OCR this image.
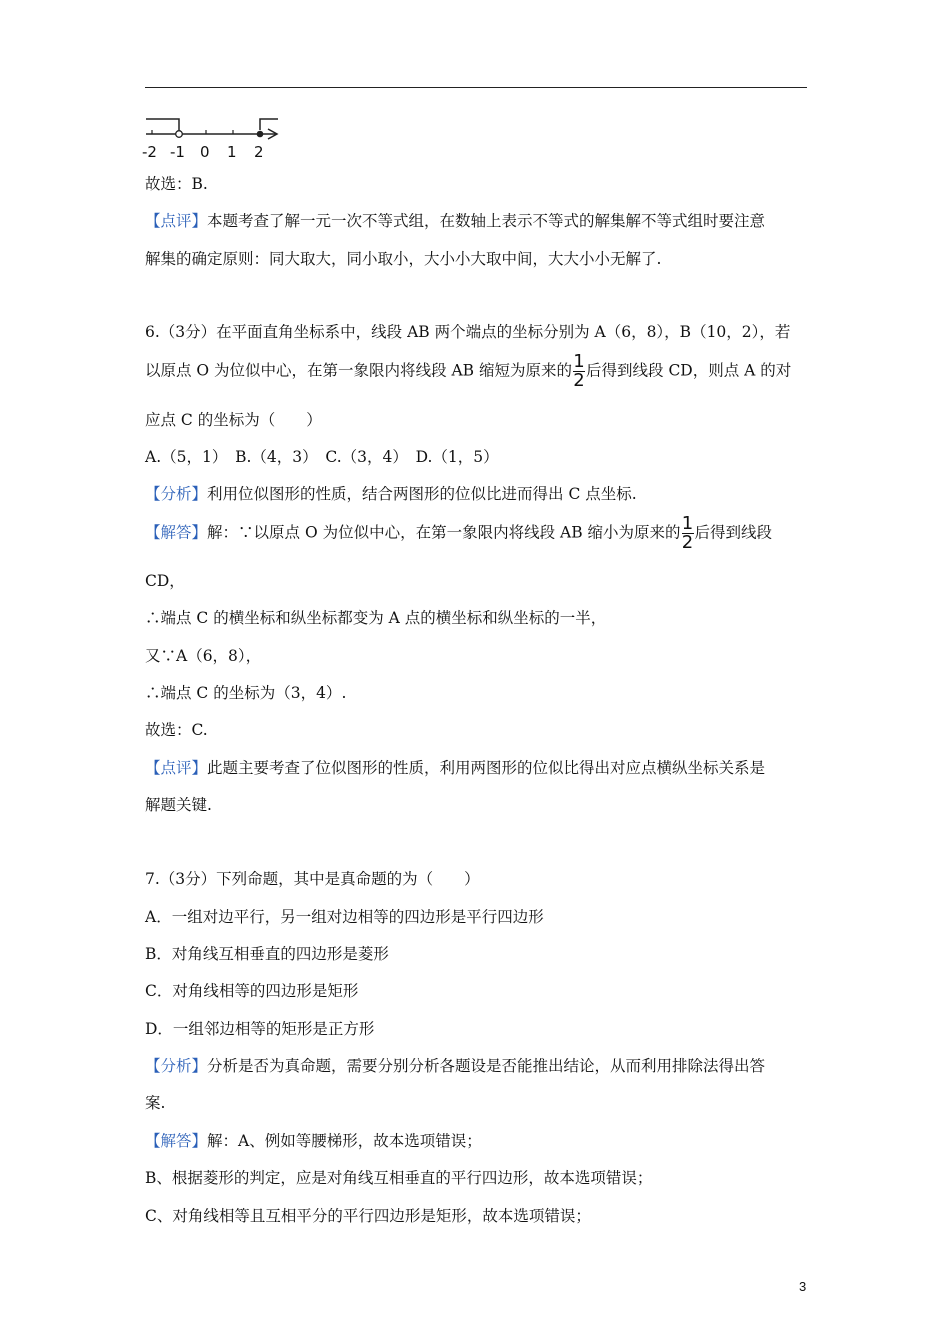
-2 -1 0 1 2
故选：B.
【点评】本题考查了解一元一次不等式组，在数轴上表示不等式的解集解不等式组时要注意
解集的确定原则：同大取大，同小取小，大小小大取中间，大大小小无解了.
6.（3分）在平面直角坐标系中，线段 AB 两个端点的坐标分别为 A（6，8），B（10，2），若
以原点 O 为位似中心，在第一象限内将线段 AB 缩短为原来的 $\frac{1}{2}$ 后得到线段 CD，则点 A 的对
应点 C 的坐标为（　　）
A.（5，1）　B.（4，3）　C.（3，4）　D.（1，5）
【分析】利用位似图形的性质，结合两图形的位似比进而得出 C 点坐标.
【解答】解：∵以原点 O 为位似中心，在第一象限内将线段 AB 缩小为原来的 $\frac{1}{2}$ 后得到线段
CD，
∴端点 C 的横坐标和纵坐标都变为 A 点的横坐标和纵坐标的一半，
又∵A（6，8），
∴端点 C 的坐标为（3，4）.
故选：C.
【点评】此题主要考查了位似图形的性质，利用两图形的位似比得出对应点横纵坐标关系是
解题关键.
7.（3分）下列命题，其中是真命题的为（　　）
A．一组对边平行，另一组对边相等的四边形是平行四边形
B．对角线互相垂直的四边形是菱形
C．对角线相等的四边形是矩形
D．一组邻边相等的矩形是正方形
【分析】分析是否为真命题，需要分别分析各题设是否能推出结论，从而利用排除法得出答
案.
【解答】解：A、例如等腰梯形，故本选项错误；
B、根据菱形的判定，应是对角线互相垂直的平行四边形，故本选项错误；
C、对角线相等且互相平分的平行四边形是矩形，故本选项错误；
3
